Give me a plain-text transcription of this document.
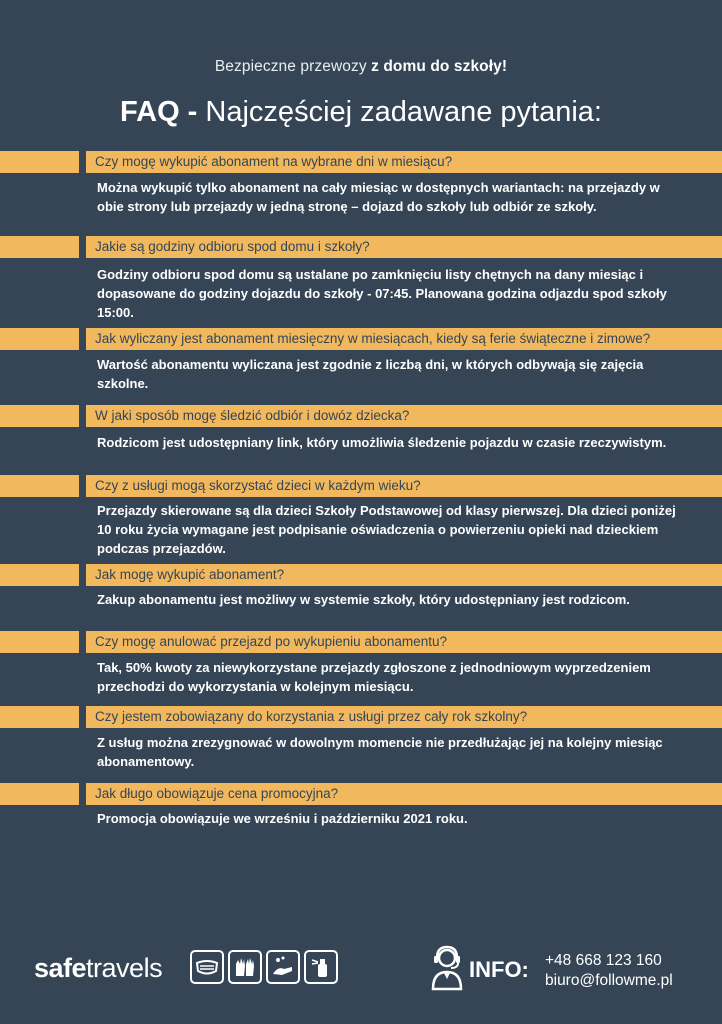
Bezpieczne przewozy z domu do szkoły!
FAQ - Najczęściej zadawane pytania:
Czy mogę wykupić abonament na wybrane dni w miesiącu?
Można wykupić tylko abonament na cały miesiąc w dostępnych wariantach: na przejazdy w obie strony lub przejazdy w jedną stronę – dojazd do szkoły lub odbiór ze szkoły.
Jakie są godziny odbioru spod domu i szkoły?
Godziny odbioru spod domu są ustalane po zamknięciu listy chętnych na dany miesiąc i dopasowane do godziny dojazdu do szkoły - 07:45. Planowana godzina odjazdu spod szkoły 15:00.
Jak wyliczany jest abonament miesięczny w miesiącach, kiedy są ferie świąteczne i zimowe?
Wartość abonamentu wyliczana jest zgodnie z liczbą dni, w których odbywają się zajęcia szkolne.
W jaki sposób mogę śledzić odbiór i dowóz dziecka?
Rodzicom jest udostępniany link, który umożliwia śledzenie pojazdu w czasie rzeczywistym.
Czy z usługi mogą skorzystać dzieci w każdym wieku?
Przejazdy skierowane są dla dzieci Szkoły Podstawowej od klasy pierwszej. Dla dzieci poniżej 10 roku życia wymagane jest podpisanie oświadczenia o powierzeniu opieki nad dzieckiem podczas przejazdów.
Jak mogę wykupić abonament?
Zakup abonamentu jest możliwy w systemie szkoły, który udostępniany jest rodzicom.
Czy mogę anulować przejazd po wykupieniu abonamentu?
Tak, 50% kwoty za niewykorzystane przejazdy zgłoszone z jednodniowym wyprzedzeniem przechodzi do wykorzystania w kolejnym miesiącu.
Czy jestem zobowiązany do korzystania z usługi przez cały rok szkolny?
Z usług można zrezygnować w dowolnym momencie nie przedłużając jej na kolejny miesiąc abonamentowy.
Jak długo obowiązuje cena promocyjna?
Promocja obowiązuje we wrześniu i październiku 2021 roku.
safetravels	INFO: +48 668 123 160
biuro@followme.pl
